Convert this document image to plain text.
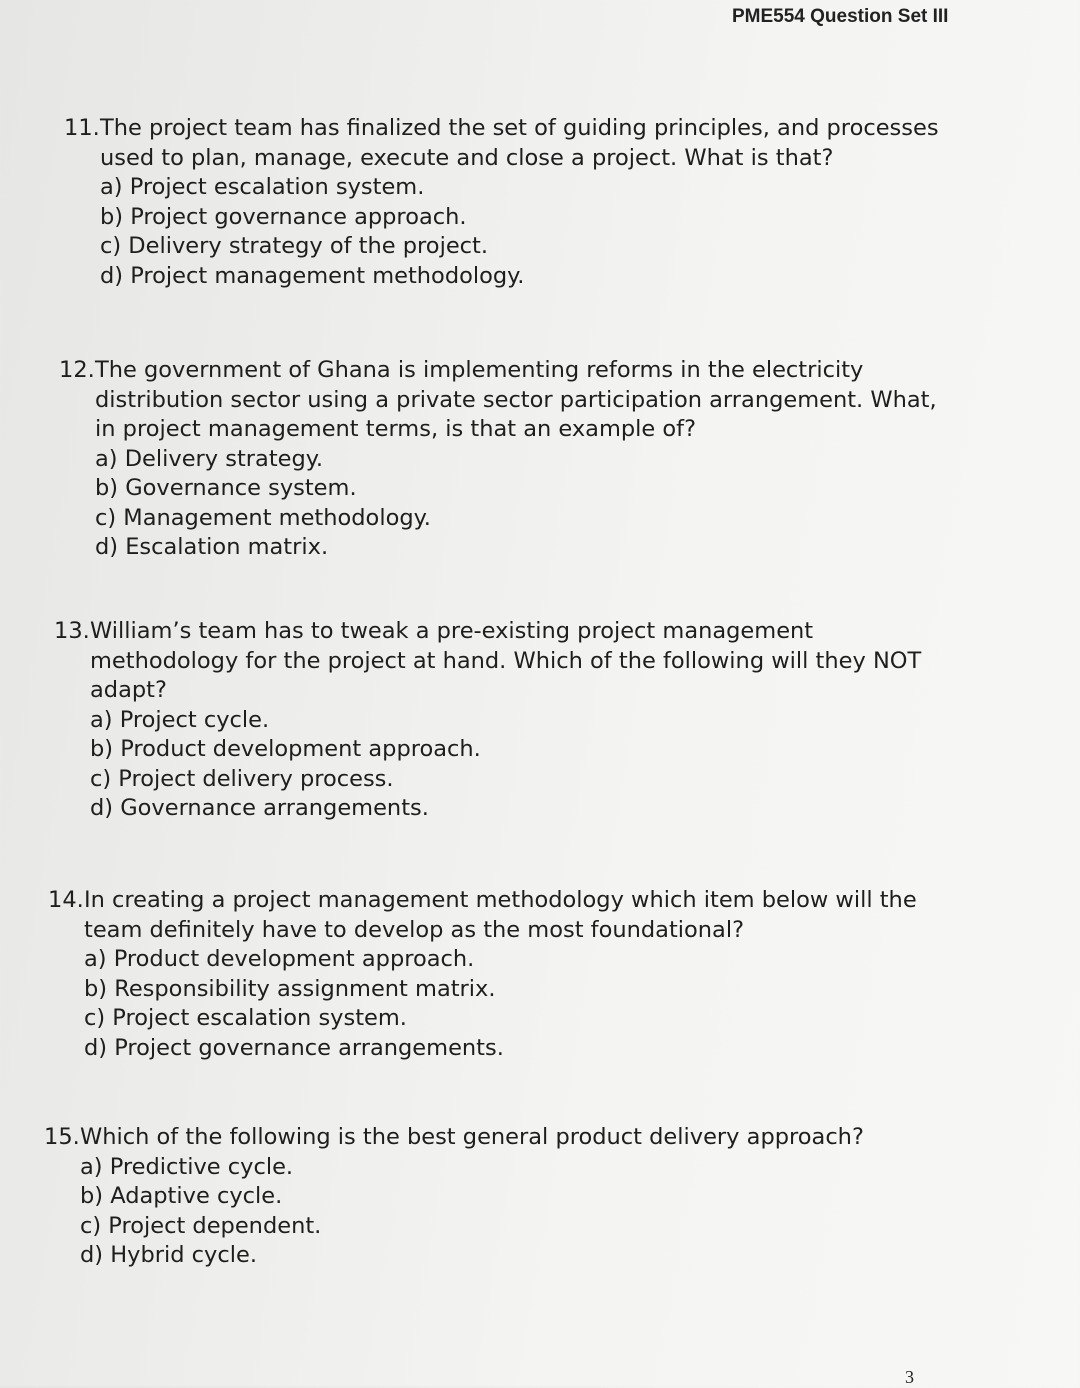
PME554 Question Set III
11. The project team has finalized the set of guiding principles, and processes used to plan, manage, execute and close a project. What is that?
a) Project escalation system.
b) Project governance approach.
c) Delivery strategy of the project.
d) Project management methodology.
12. The government of Ghana is implementing reforms in the electricity distribution sector using a private sector participation arrangement. What, in project management terms, is that an example of?
a) Delivery strategy.
b) Governance system.
c) Management methodology.
d) Escalation matrix.
13. William’s team has to tweak a pre-existing project management methodology for the project at hand. Which of the following will they NOT adapt?
a) Project cycle.
b) Product development approach.
c) Project delivery process.
d) Governance arrangements.
14. In creating a project management methodology which item below will the team definitely have to develop as the most foundational?
a) Product development approach.
b) Responsibility assignment matrix.
c) Project escalation system.
d) Project governance arrangements.
15. Which of the following is the best general product delivery approach?
a) Predictive cycle.
b) Adaptive cycle.
c) Project dependent.
d) Hybrid cycle.
3
